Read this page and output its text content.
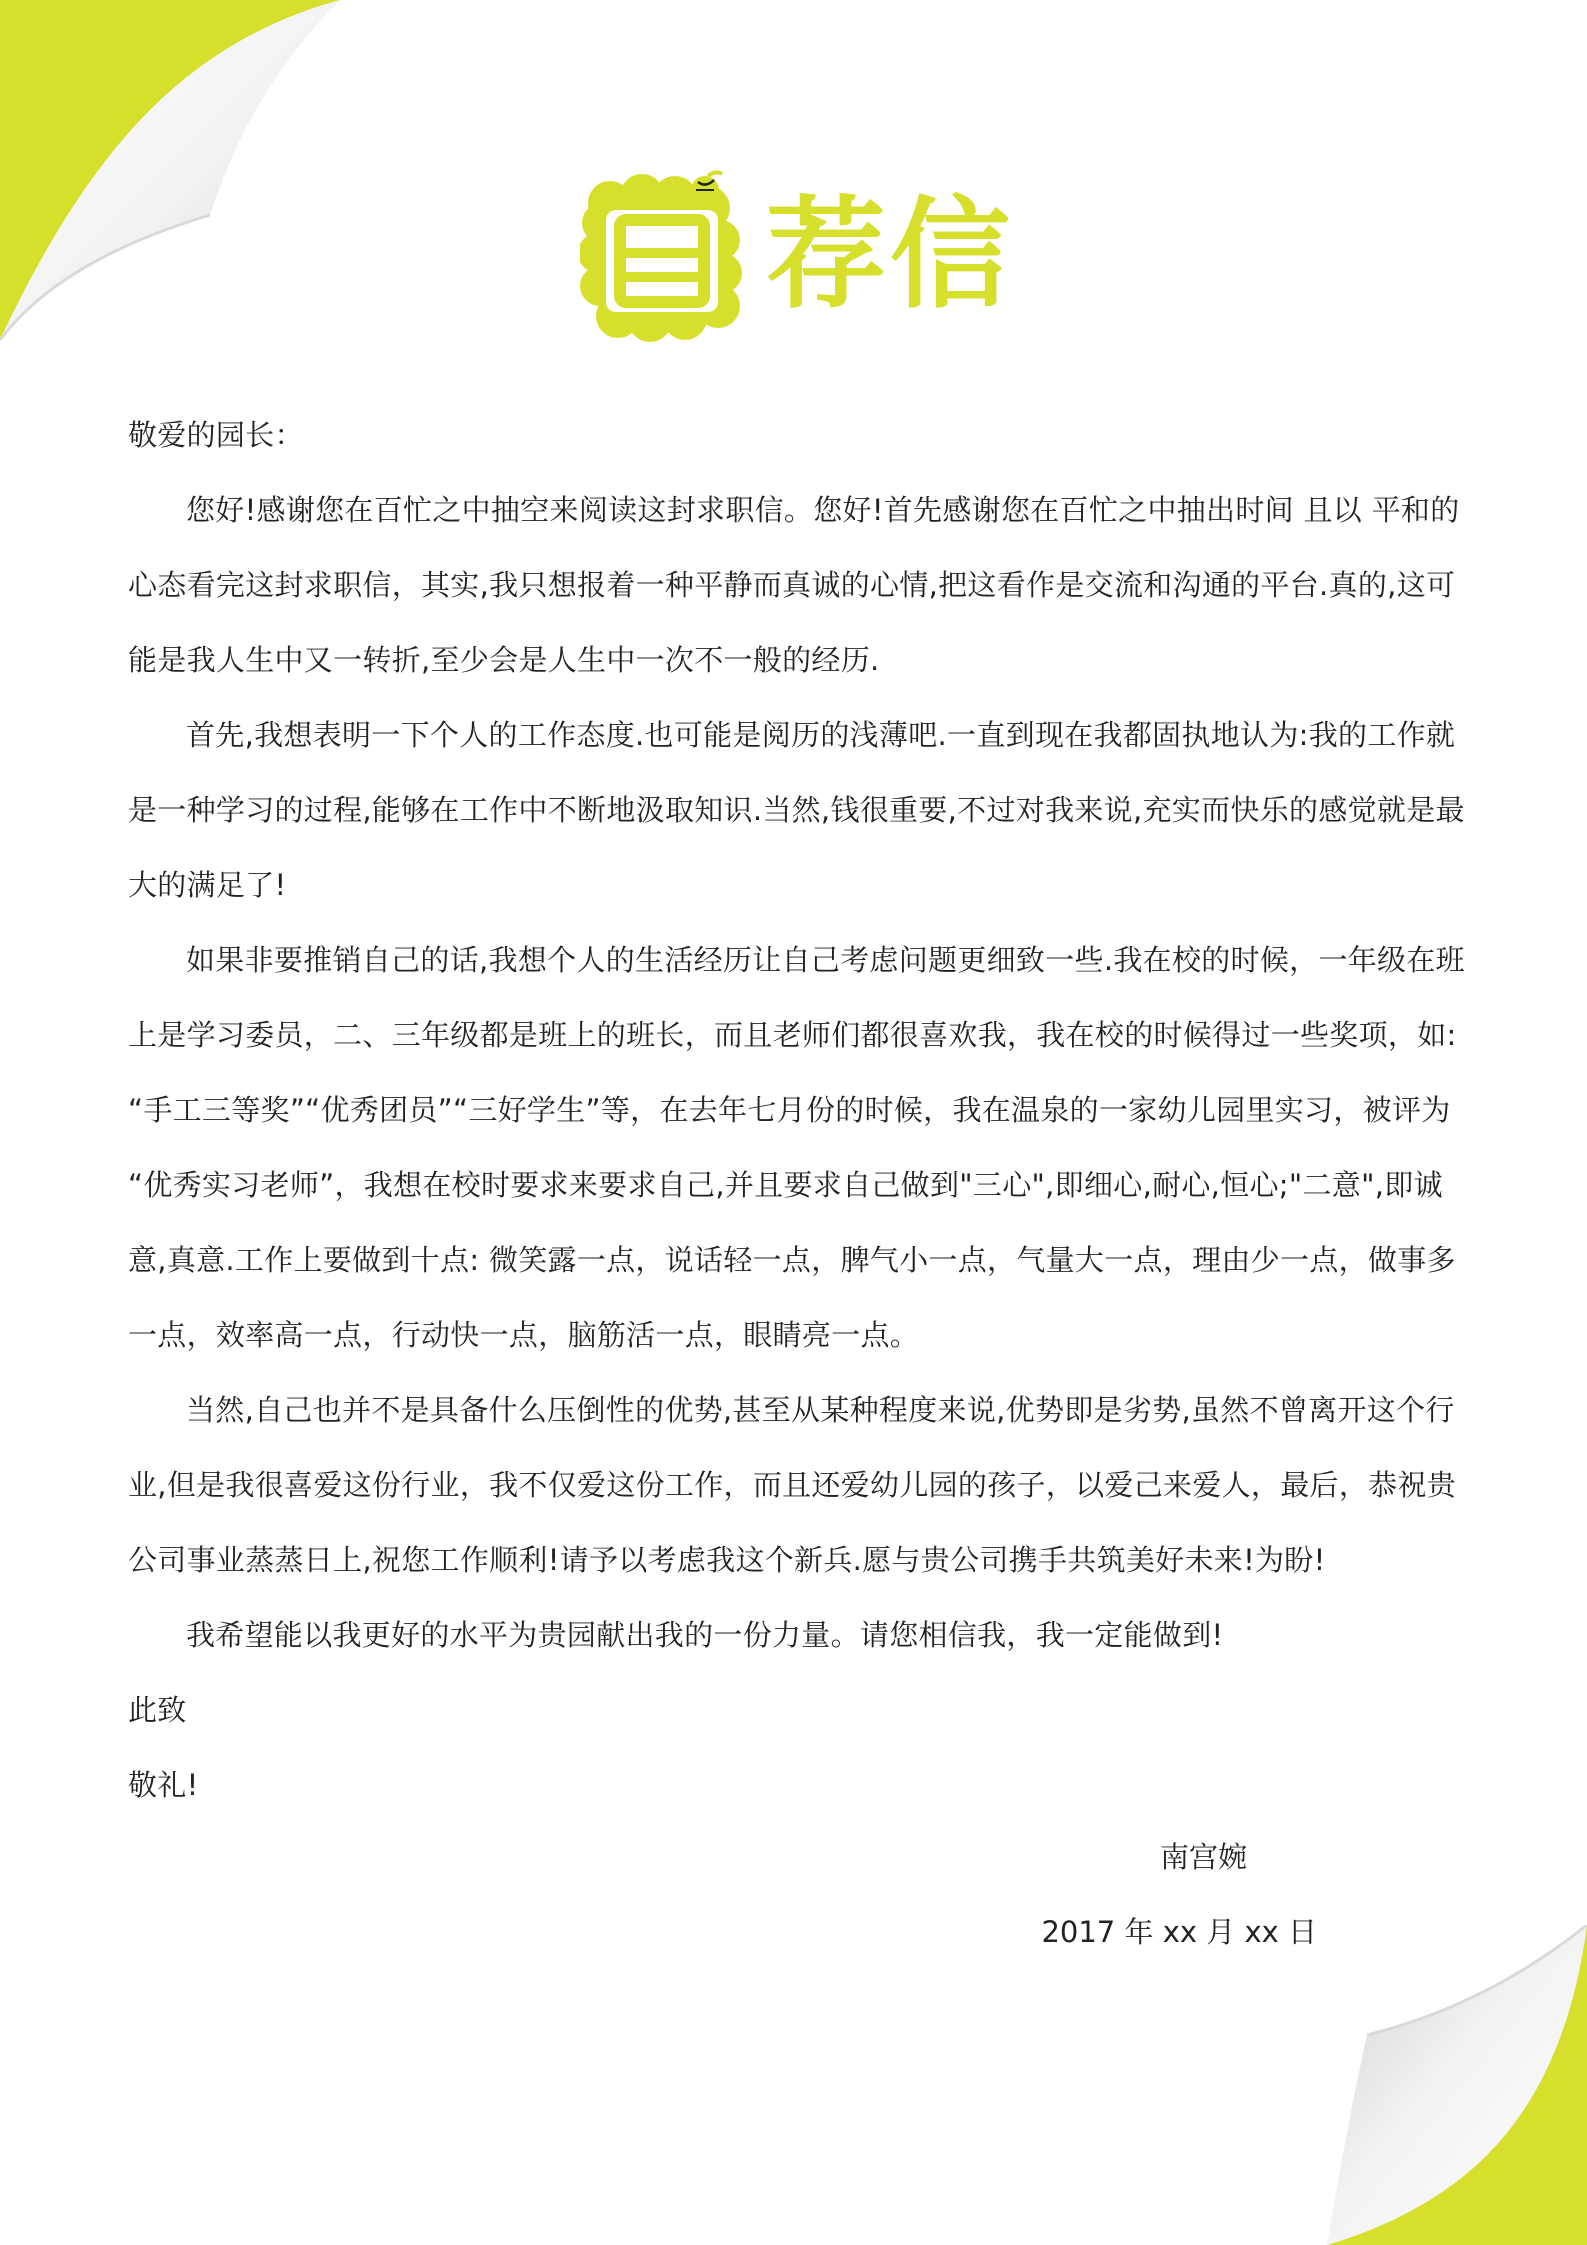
荐信

敬爱的园长：

您好!感谢您在百忙之中抽空来阅读这封求职信。您好!首先感谢您在百忙之中抽出时间 且以 平和的心态看完这封求职信，其实,我只想报着一种平静而真诚的心情,把这看作是交流和沟通的平台.真的,这可能是我人生中又一转折,至少会是人生中一次不一般的经历.

首先,我想表明一下个人的工作态度.也可能是阅历的浅薄吧.一直到现在我都固执地认为:我的工作就是一种学习的过程,能够在工作中不断地汲取知识.当然,钱很重要,不过对我来说,充实而快乐的感觉就是最大的满足了!

如果非要推销自己的话,我想个人的生活经历让自己考虑问题更细致一些.我在校的时候，一年级在班上是学习委员，二、三年级都是班上的班长，而且老师们都很喜欢我，我在校的时候得过一些奖项，如: “手工三等奖”“优秀团员”“三好学生”等，在去年七月份的时候，我在温泉的一家幼儿园里实习，被评为 “优秀实习老师”，我想在校时要求来要求自己,并且要求自己做到"三心",即细心,耐心,恒心;"二意",即诚意,真意.工作上要做到十点: 微笑露一点，说话轻一点，脾气小一点，气量大一点，理由少一点，做事多一点，效率高一点，行动快一点，脑筋活一点，眼睛亮一点。

当然,自己也并不是具备什么压倒性的优势,甚至从某种程度来说,优势即是劣势,虽然不曾离开这个行业,但是我很喜爱这份行业，我不仅爱这份工作，而且还爱幼儿园的孩子，以爱己来爱人，最后，恭祝贵公司事业蒸蒸日上,祝您工作顺利!请予以考虑我这个新兵.愿与贵公司携手共筑美好未来!为盼!

我希望能以我更好的水平为贵园献出我的一份力量。请您相信我，我一定能做到!

此致

敬礼!

南宫婉
2017 年 xx 月 xx 日
